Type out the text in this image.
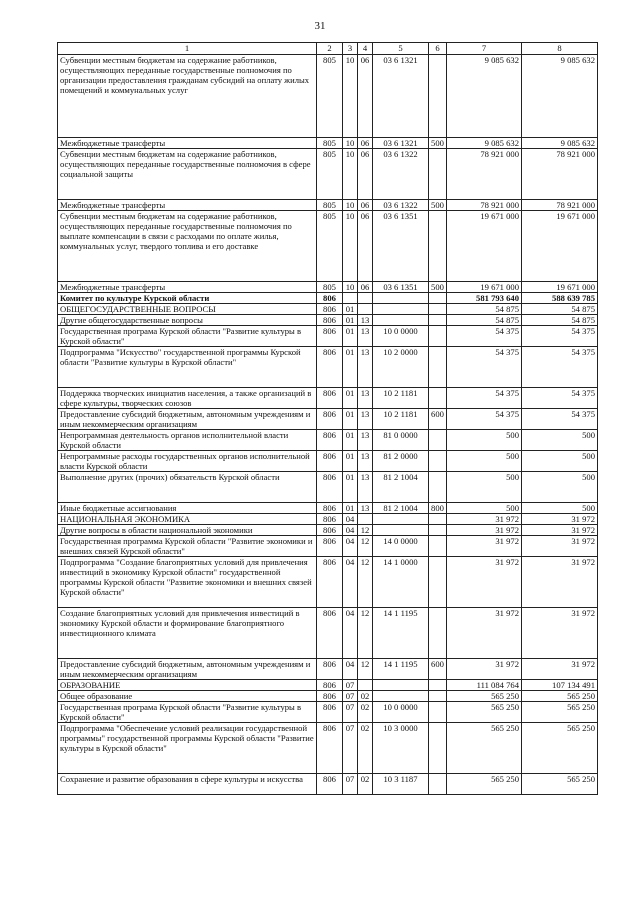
31
1	2	3	4	5	6	7	8
Субвенции местным бюджетам на содержание работников, осуществляющих переданные государственные полномочия по организации предоставления гражданам субсидий на оплату жилых помещений и коммунальных услуг	805	10	06	03 6 1321		9 085 632	9 085 632
Межбюджетные трансферты	805	10	06	03 6 1321	500	9 085 632	9 085 632
Субвенции местным бюджетам на содержание работников, осуществляющих переданные государственные полномочия в сфере социальной защиты	805	10	06	03 6 1322		78 921 000	78 921 000
Межбюджетные трансферты	805	10	06	03 6 1322	500	78 921 000	78 921 000
Субвенции местным бюджетам на содержание работников, осуществляющих переданные государственные полномочия по выплате компенсации в связи с расходами по оплате жилья, коммунальных услуг, твердого топлива и его доставке	805	10	06	03 6 1351		19 671 000	19 671 000
Межбюджетные трансферты	805	10	06	03 6 1351	500	19 671 000	19 671 000
Комитет по культуре Курской области	806					581 793 640	588 639 785
ОБЩЕГОСУДАРСТВЕННЫЕ ВОПРОСЫ	806	01				54 875	54 875
Другие общегосударственные вопросы	806	01	13			54 875	54 875
Государственная програма Курской области "Развитие культуры в Курской области"	806	01	13	10 0 0000		54 375	54 375
Подпрограмма "Искусство" государственной программы Курской области "Развитие культуры в Курской области"	806	01	13	10 2 0000		54 375	54 375
Поддержка творческих инициатив населения, а также организаций в сфере культуры, творческих союзов	806	01	13	10 2 1181		54 375	54 375
Предоставление субсидий бюджетным, автономным учреждениям и иным некоммерческим организациям	806	01	13	10 2 1181	600	54 375	54 375
Непрограммная деятельность органов исполнительной власти Курской области	806	01	13	81 0 0000		500	500
Непрограммные расходы государственных органов исполнительной власти Курской области	806	01	13	81 2 0000		500	500
Выполнение других (прочих) обязательств Курской области	806	01	13	81 2 1004		500	500
Иные бюджетные ассигнования	806	01	13	81 2 1004	800	500	500
НАЦИОНАЛЬНАЯ ЭКОНОМИКА	806	04				31 972	31 972
Другие вопросы в области национальной экономики	806	04	12			31 972	31 972
Государственная программа Курской области "Развитие экономики и внешних связей Курской области"	806	04	12	14 0 0000		31 972	31 972
Подпрограмма "Создание благоприятных условий для привлечения инвестиций в экономику Курской области" государственной программы Курской области "Развитие экономики и внешних связей Курской области"	806	04	12	14 1 0000		31 972	31 972
Создание благоприятных условий для привлечения инвестиций в экономику Курской области и формирование благоприятного инвестиционного климата	806	04	12	14 1 1195		31 972	31 972
Предоставление субсидий бюджетным, автономным учреждениям и иным некоммерческим организациям	806	04	12	14 1 1195	600	31 972	31 972
ОБРАЗОВАНИЕ	806	07				111 084 764	107 134 491
Общее образование	806	07	02			565 250	565 250
Государственная програма Курской области "Развитие культуры в Курской области"	806	07	02	10 0 0000		565 250	565 250
Подпрограмма "Обеспечение условий реализации государственной программы" государственной программы Курской области "Развитие культуры в Курской области"	806	07	02	10 3 0000		565 250	565 250
Сохранение и развитие образования в сфере культуры и искусства	806	07	02	10 3 1187		565 250	565 250
